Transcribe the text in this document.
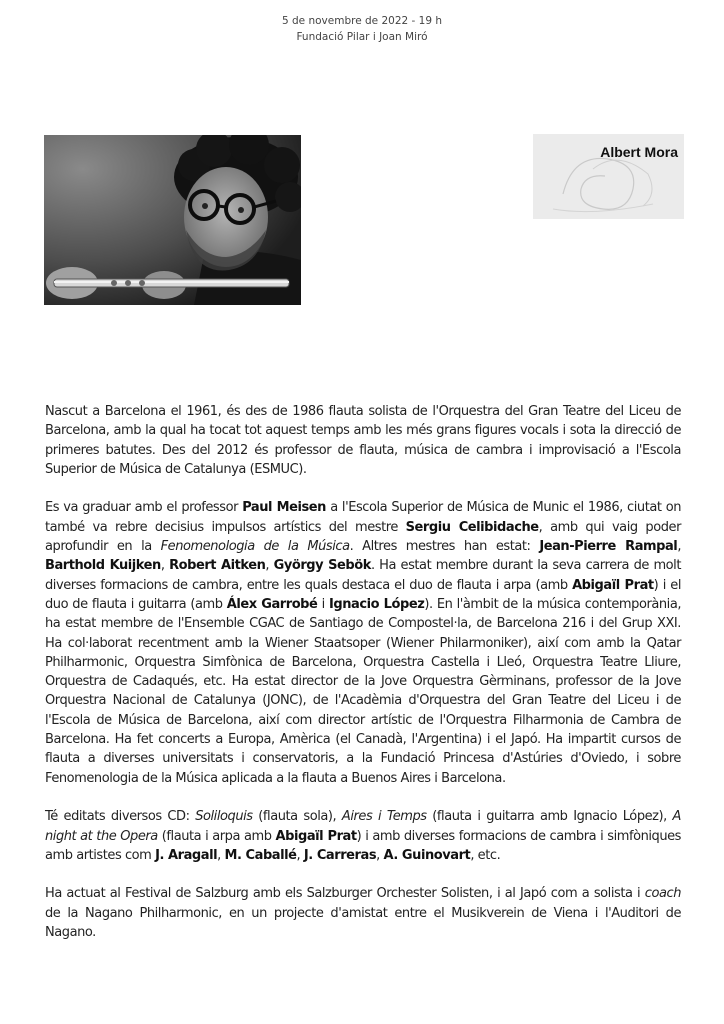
5 de novembre de 2022 - 19 h
Fundació Pilar i Joan Miró
Albert Mora

Nascut a Barcelona el 1961, és des de 1986 flauta solista de l'Orquestra del Gran Teatre del Liceu de Barcelona, amb la qual ha tocat tot aquest temps amb les més grans figures vocals i sota la direcció de primeres batutes. Des del 2012 és professor de flauta, música de cambra i improvisació a l'Escola Superior de Música de Catalunya (ESMUC).

Es va graduar amb el professor Paul Meisen a l'Escola Superior de Música de Munic el 1986, ciutat on també va rebre decisius impulsos artístics del mestre Sergiu Celibidache, amb qui vaig poder aprofundir en la Fenomenologia de la Música. Altres mestres han estat: Jean-Pierre Rampal, Barthold Kuijken, Robert Aitken, György Sebök. Ha estat membre durant la seva carrera de molt diverses formacions de cambra, entre les quals destaca el duo de flauta i arpa (amb Abigaïl Prat) i el duo de flauta i guitarra (amb Álex Garrobé i Ignacio López). En l'àmbit de la música contemporània, ha estat membre de l'Ensemble CGAC de Santiago de Compostel·la, de Barcelona 216 i del Grup XXI. Ha col·laborat recentment amb la Wiener Staatsoper (Wiener Philarmoniker), així com amb la Qatar Philharmonic, Orquestra Simfònica de Barcelona, Orquestra Castella i Lleó, Orquestra Teatre Lliure, Orquestra de Cadaqués, etc. Ha estat director de la Jove Orquestra Gèrminans, professor de la Jove Orquestra Nacional de Catalunya (JONC), de l'Acadèmia d'Orquestra del Gran Teatre del Liceu i de l'Escola de Música de Barcelona, així com director artístic de l'Orquestra Filharmonia de Cambra de Barcelona. Ha fet concerts a Europa, Amèrica (el Canadà, l'Argentina) i el Japó. Ha impartit cursos de flauta a diverses universitats i conservatoris, a la Fundació Princesa d'Astúries d'Oviedo, i sobre Fenomenologia de la Música aplicada a la flauta a Buenos Aires i Barcelona.

Té editats diversos CD: Soliloquis (flauta sola), Aires i Temps (flauta i guitarra amb Ignacio López), A night at the Opera (flauta i arpa amb Abigaïl Prat) i amb diverses formacions de cambra i simfòniques amb artistes com J. Aragall, M. Caballé, J. Carreras, A. Guinovart, etc.

Ha actuat al Festival de Salzburg amb els Salzburger Orchester Solisten, i al Japó com a solista i coach de la Nagano Philharmonic, en un projecte d'amistat entre el Musikverein de Viena i l'Auditori de Nagano.
